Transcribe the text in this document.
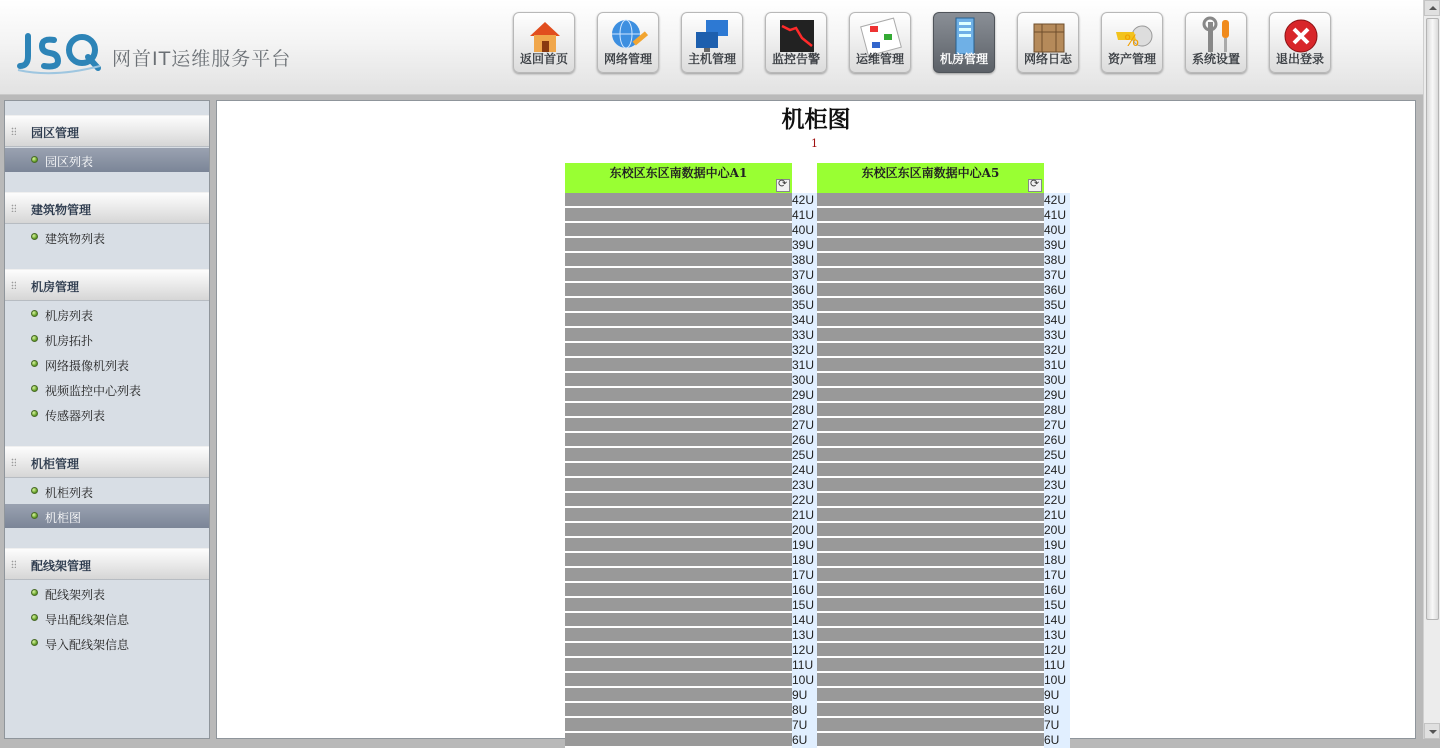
网首IT运维服务平台	返回首页	网络管理	主机管理	监控告警	运维管理	机房管理	网络日志
%
资产管理	系统设置	退出登录
园区管理
园区列表
建筑物管理
建筑物列表
机房管理
机房列表
机房拓扑
网络摄像机列表
视频监控中心列表
传感器列表
机柜管理
机柜列表
机柜图
配线架管理
配线架列表
导出配线架信息
导入配线架信息
机柜图
1
东校区东区南数据中心A1
⟳
42U
41U
40U
39U
38U
37U
36U
35U
34U
33U
32U
31U
30U
29U
28U
27U
26U
25U
24U
23U
22U
21U
20U
19U
18U
17U
16U
15U
14U
13U
12U
11U
10U
9U
8U
7U
6U
东校区东区南数据中心A5
⟳
42U
41U
40U
39U
38U
37U
36U
35U
34U
33U
32U
31U
30U
29U
28U
27U
26U
25U
24U
23U
22U
21U
20U
19U
18U
17U
16U
15U
14U
13U
12U
11U
10U
9U
8U
7U
6U
